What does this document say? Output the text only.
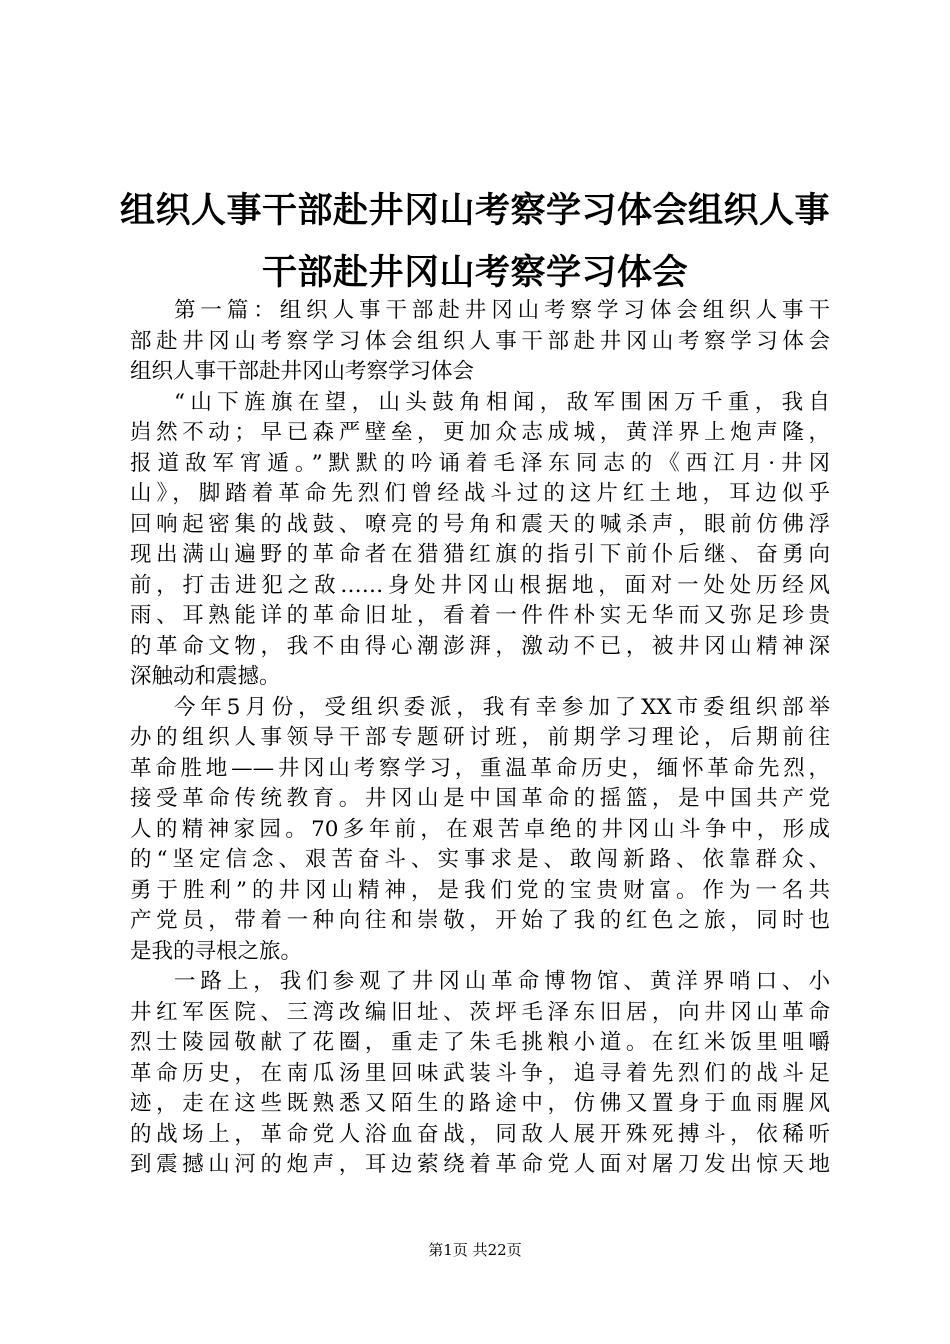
组织人事干部赴井冈山考察学习体会组织人事
干部赴井冈山考察学习体会

第一篇：组织人事干部赴井冈山考察学习体会组织人事干
部赴井冈山考察学习体会组织人事干部赴井冈山考察学习体会
组织人事干部赴井冈山考察学习体会

“山下旌旗在望，山头鼓角相闻，敌军围困万千重，我自
岿然不动；早已森严壁垒，更加众志成城，黄洋界上炮声隆，
报道敌军宵遁。”默默的吟诵着毛泽东同志的《西江月·井冈
山》，脚踏着革命先烈们曾经战斗过的这片红土地，耳边似乎
回响起密集的战鼓、嘹亮的号角和震天的喊杀声，眼前仿佛浮
现出满山遍野的革命者在猎猎红旗的指引下前仆后继、奋勇向
前，打击进犯之敌……身处井冈山根据地，面对一处处历经风
雨、耳熟能详的革命旧址，看着一件件朴实无华而又弥足珍贵
的革命文物，我不由得心潮澎湃，激动不已，被井冈山精神深
深触动和震撼。

今年5月份，受组织委派，我有幸参加了XX市委组织部举
办的组织人事领导干部专题研讨班，前期学习理论，后期前往
革命胜地——井冈山考察学习，重温革命历史，缅怀革命先烈，
接受革命传统教育。井冈山是中国革命的摇篮，是中国共产党
人的精神家园。70多年前，在艰苦卓绝的井冈山斗争中，形成
的“坚定信念、艰苦奋斗、实事求是、敢闯新路、依靠群众、
勇于胜利”的井冈山精神，是我们党的宝贵财富。作为一名共
产党员，带着一种向往和崇敬，开始了我的红色之旅，同时也
是我的寻根之旅。

一路上，我们参观了井冈山革命博物馆、黄洋界哨口、小
井红军医院、三湾改编旧址、茨坪毛泽东旧居，向井冈山革命
烈士陵园敬献了花圈，重走了朱毛挑粮小道。在红米饭里咀嚼
革命历史，在南瓜汤里回味武装斗争，追寻着先烈们的战斗足
迹，走在这些既熟悉又陌生的路途中，仿佛又置身于血雨腥风
的战场上，革命党人浴血奋战，同敌人展开殊死搏斗，依稀听
到震撼山河的炮声，耳边萦绕着革命党人面对屠刀发出惊天地

第1页 共22页
